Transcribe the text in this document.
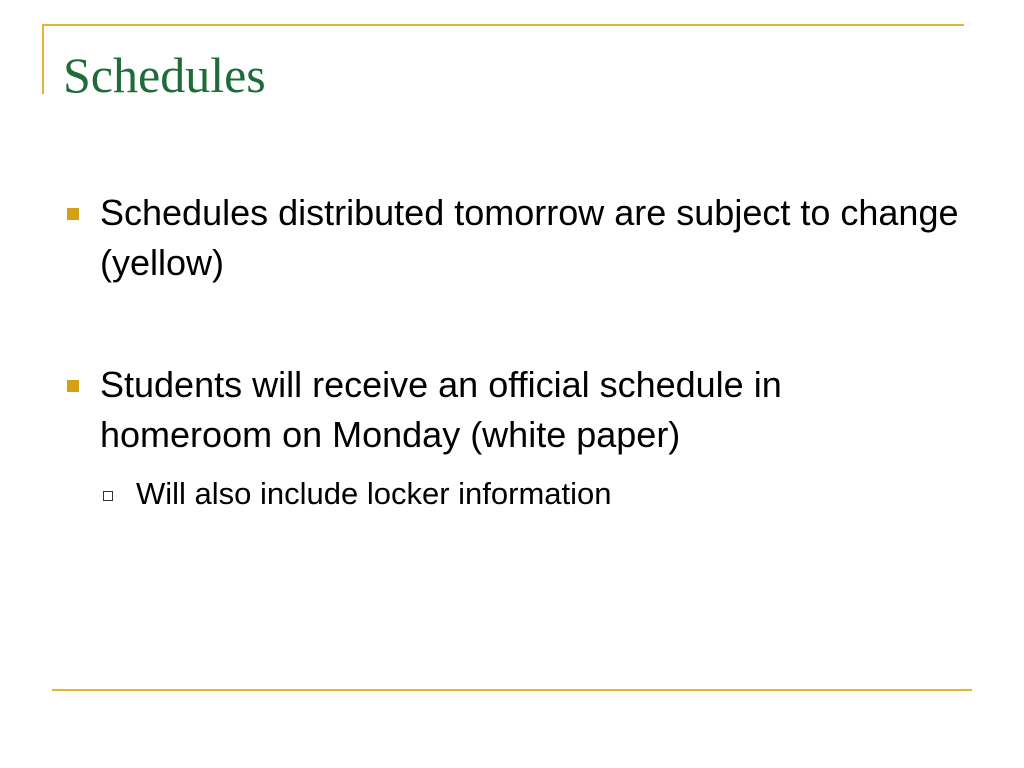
Schedules
Schedules distributed tomorrow are subject to change (yellow)
Students will receive an official schedule in homeroom on Monday (white paper)
Will also include locker information
